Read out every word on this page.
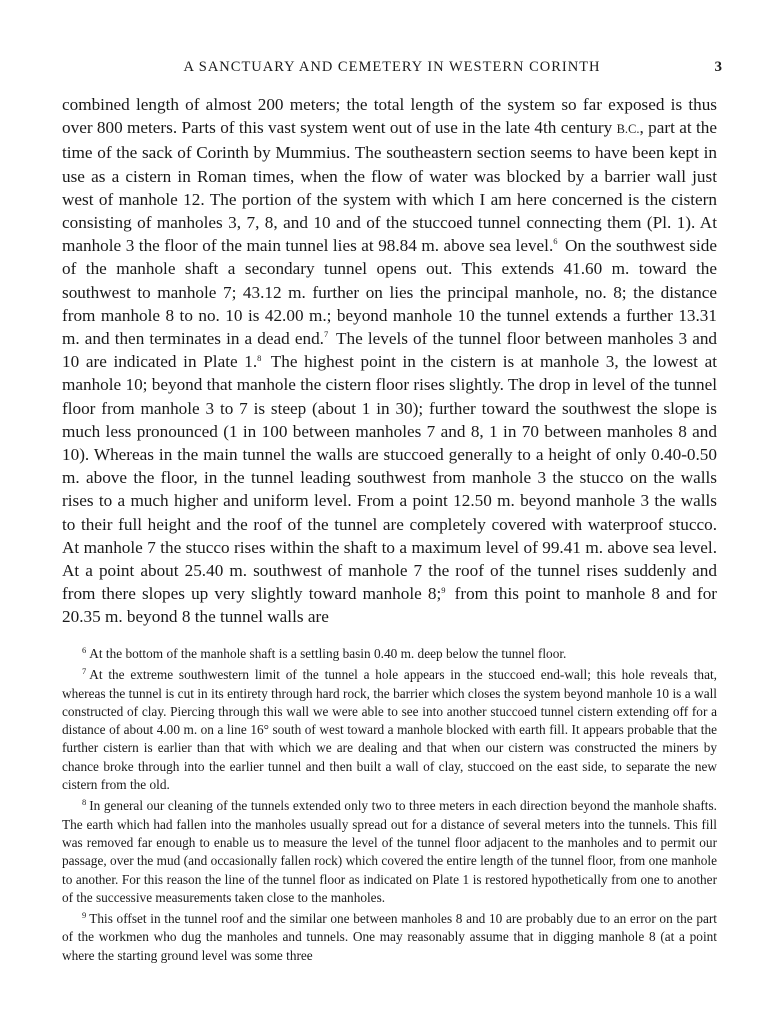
A SANCTUARY AND CEMETERY IN WESTERN CORINTH	3

combined length of almost 200 meters; the total length of the system so far exposed is thus over 800 meters. Parts of this vast system went out of use in the late 4th century B.C., part at the time of the sack of Corinth by Mummius. The southeastern section seems to have been kept in use as a cistern in Roman times, when the flow of water was blocked by a barrier wall just west of manhole 12. The portion of the system with which I am here concerned is the cistern consisting of manholes 3, 7, 8, and 10 and of the stuccoed tunnel connecting them (Pl. 1). At manhole 3 the floor of the main tunnel lies at 98.84 m. above sea level.$^6$ On the southwest side of the manhole shaft a secondary tunnel opens out. This extends 41.60 m. toward the southwest to manhole 7; 43.12 m. further on lies the principal manhole, no. 8; the distance from manhole 8 to no. 10 is 42.00 m.; beyond manhole 10 the tunnel extends a further 13.31 m. and then terminates in a dead end.$^7$ The levels of the tunnel floor between manholes 3 and 10 are indicated in Plate 1.$^8$ The highest point in the cistern is at manhole 3, the lowest at manhole 10; beyond that manhole the cistern floor rises slightly. The drop in level of the tunnel floor from manhole 3 to 7 is steep (about 1 in 30); further toward the southwest the slope is much less pronounced (1 in 100 between manholes 7 and 8, 1 in 70 between manholes 8 and 10). Whereas in the main tunnel the walls are stuccoed generally to a height of only 0.40-0.50 m. above the floor, in the tunnel leading southwest from manhole 3 the stucco on the walls rises to a much higher and uniform level. From a point 12.50 m. beyond manhole 3 the walls to their full height and the roof of the tunnel are completely covered with waterproof stucco. At manhole 7 the stucco rises within the shaft to a maximum level of 99.41 m. above sea level. At a point about 25.40 m. southwest of manhole 7 the roof of the tunnel rises suddenly and from there slopes up very slightly toward manhole 8;$^9$ from this point to manhole 8 and for 20.35 m. beyond 8 the tunnel walls are

$^6$ At the bottom of the manhole shaft is a settling basin 0.40 m. deep below the tunnel floor.

$^7$ At the extreme southwestern limit of the tunnel a hole appears in the stuccoed end-wall; this hole reveals that, whereas the tunnel is cut in its entirety through hard rock, the barrier which closes the system beyond manhole 10 is a wall constructed of clay. Piercing through this wall we were able to see into another stuccoed tunnel cistern extending off for a distance of about 4.00 m. on a line 16° south of west toward a manhole blocked with earth fill. It appears probable that the further cistern is earlier than that with which we are dealing and that when our cistern was constructed the miners by chance broke through into the earlier tunnel and then built a wall of clay, stuccoed on the east side, to separate the new cistern from the old.

$^8$ In general our cleaning of the tunnels extended only two to three meters in each direction beyond the manhole shafts. The earth which had fallen into the manholes usually spread out for a distance of several meters into the tunnels. This fill was removed far enough to enable us to measure the level of the tunnel floor adjacent to the manholes and to permit our passage, over the mud (and occasionally fallen rock) which covered the entire length of the tunnel floor, from one manhole to another. For this reason the line of the tunnel floor as indicated on Plate 1 is restored hypothetically from one to another of the successive measurements taken close to the manholes.

$^9$ This offset in the tunnel roof and the similar one between manholes 8 and 10 are probably due to an error on the part of the workmen who dug the manholes and tunnels. One may reasonably assume that in digging manhole 8 (at a point where the starting ground level was some three
